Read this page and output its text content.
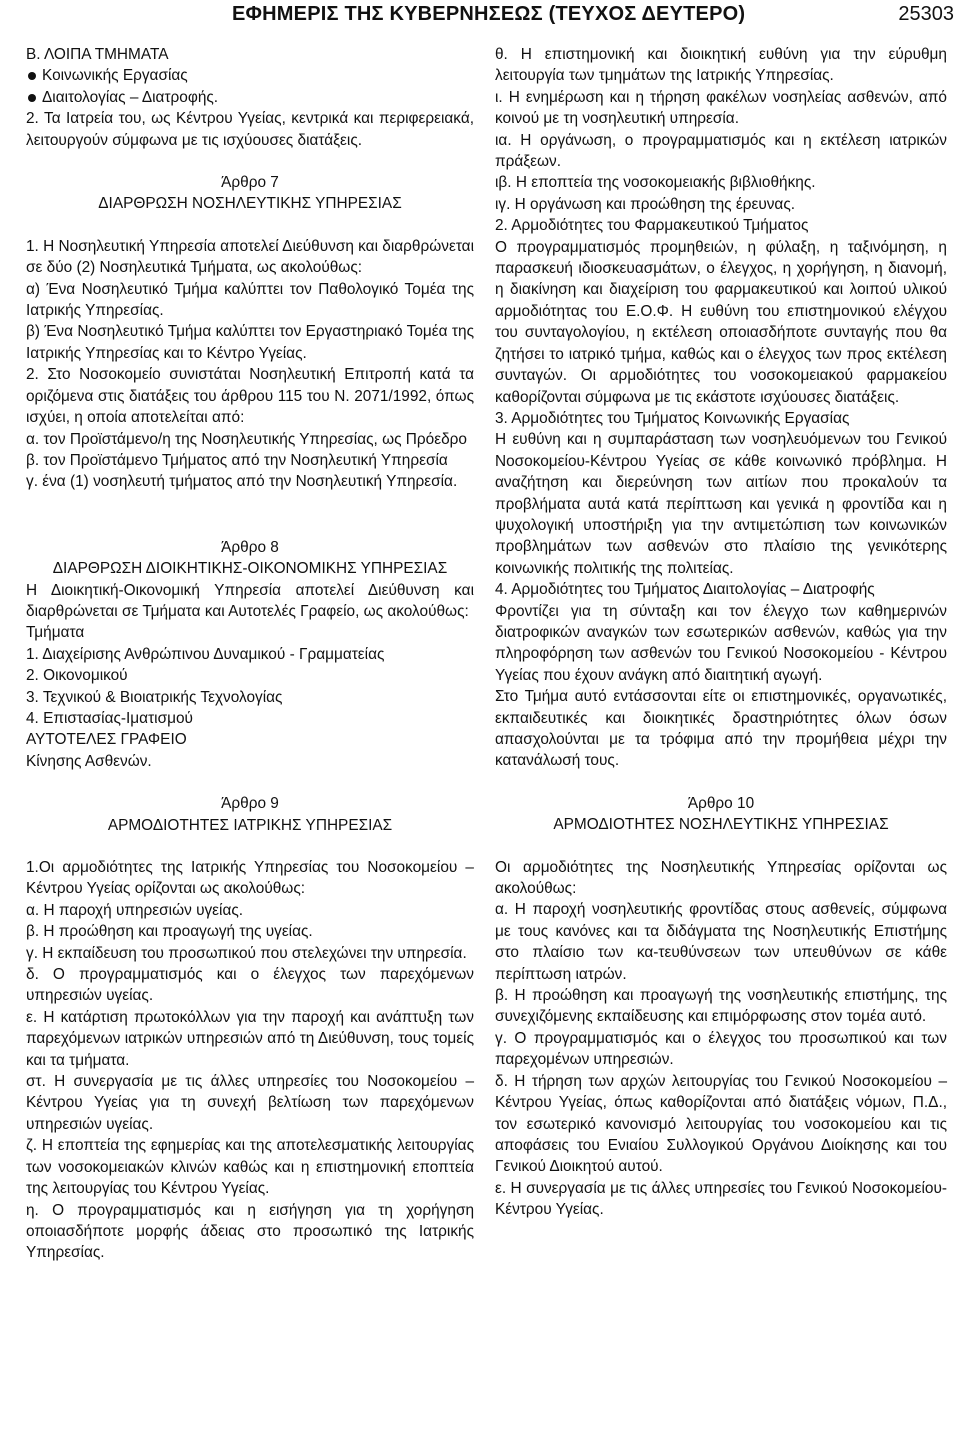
ΕΦΗΜΕΡΙΣ ΤΗΣ ΚΥΒΕΡΝΗΣΕΩΣ (ΤΕΥΧΟΣ ΔΕΥΤΕΡΟ)	25303

Β. ΛΟΙΠΑ ΤΜΗΜΑΤΑ

Κοινωνικής Εργασίας
Διαιτολογίας – Διατροφής.

2. Τα Ιατρεία του, ως Κέντρου Υγείας, κεντρικά και περιφερειακά, λειτουργούν σύμφωνα με τις ισχύουσες διατάξεις.

Άρθρο 7

ΔΙΑΡΘΡΩΣΗ ΝΟΣΗΛΕΥΤΙΚΗΣ ΥΠΗΡΕΣΙΑΣ

1. Η Νοσηλευτική Υπηρεσία αποτελεί Διεύθυνση και διαρθρώνεται σε δύο (2) Νοσηλευτικά Τμήματα, ως ακολούθως:

α) Ένα Νοσηλευτικό Τμήμα καλύπτει τον Παθολογικό Τομέα της Ιατρικής Υπηρεσίας.

β) Ένα Νοσηλευτικό Τμήμα καλύπτει τον Εργαστηριακό Τομέα της Ιατρικής Υπηρεσίας και το Κέντρο Υγείας.

2. Στο Νοσοκομείο συνιστάται Νοσηλευτική Επιτροπή κατά τα οριζόμενα στις διατάξεις του άρθρου 115 του Ν. 2071/1992, όπως ισχύει, η οποία αποτελείται από:

α. τον Προϊστάμενο/η της Νοσηλευτικής Υπηρεσίας, ως Πρόεδρο

β. τον Προϊστάμενο Τμήματος από την Νοσηλευτική Υπηρεσία

γ. ένα (1) νοσηλευτή τμήματος από την Νοσηλευτική Υπηρεσία.

Άρθρο 8

ΔΙΑΡΘΡΩΣΗ ΔΙΟΙΚΗΤΙΚΗΣ-ΟΙΚΟΝΟΜΙΚΗΣ ΥΠΗΡΕΣΙΑΣ

Η Διοικητική-Οικονομική Υπηρεσία αποτελεί Διεύθυνση και διαρθρώνεται σε Τμήματα και Αυτοτελές Γραφείο, ως ακολούθως:

Τμήματα

1. Διαχείρισης Ανθρώπινου Δυναμικού - Γραμματείας

2. Οικονομικού

3. Τεχνικού & Βιοιατρικής Τεχνολογίας

4. Επιστασίας-Ιματισμού

ΑΥΤΟΤΕΛΕΣ ΓΡΑΦΕΙΟ

Κίνησης Ασθενών.

Άρθρο 9

ΑΡΜΟΔΙΟΤΗΤΕΣ ΙΑΤΡΙΚΗΣ ΥΠΗΡΕΣΙΑΣ

1.Οι αρμοδιότητες της Ιατρικής Υπηρεσίας του Νοσοκομείου – Κέντρου Υγείας ορίζονται ως ακολούθως:

α. Η παροχή υπηρεσιών υγείας.

β. Η προώθηση και προαγωγή της υγείας.

γ. Η εκπαίδευση του προσωπικού που στελεχώνει την υπηρεσία.

δ. Ο προγραμματισμός και ο έλεγχος των παρεχόμενων υπηρεσιών υγείας.

ε. Η κατάρτιση πρωτοκόλλων για την παροχή και ανάπτυξη των παρεχόμενων ιατρικών υπηρεσιών από τη Διεύθυνση, τους τομείς και τα τμήματα.

στ. Η συνεργασία με τις άλλες υπηρεσίες του Νοσοκομείου – Κέντρου Υγείας για τη συνεχή βελτίωση των παρεχόμενων υπηρεσιών υγείας.

ζ. Η εποπτεία της εφημερίας και της αποτελεσματικής λειτουργίας των νοσοκομειακών κλινών καθώς και η επιστημονική εποπτεία της λειτουργίας του Κέντρου Υγείας.

η. Ο προγραμματισμός και η εισήγηση για τη χορήγηση οποιασδήποτε μορφής άδειας στο προσωπικό της Ιατρικής Υπηρεσίας.

θ. Η επιστημονική και διοικητική ευθύνη για την εύρυθμη λειτουργία των τμημάτων της Ιατρικής Υπηρεσίας.

ι. Η ενημέρωση και η τήρηση φακέλων νοσηλείας ασθενών, από κοινού με τη νοσηλευτική υπηρεσία.

ια. Η οργάνωση, ο προγραμματισμός και η εκτέλεση ιατρικών πράξεων.

ιβ. Η εποπτεία της νοσοκομειακής βιβλιοθήκης.

ιγ. Η οργάνωση και προώθηση της έρευνας.

2. Αρμοδιότητες του Φαρμακευτικού Τμήματος

Ο προγραμματισμός προμηθειών, η φύλαξη, η ταξινόμηση, η παρασκευή ιδιοσκευασμάτων, ο έλεγχος, η χορήγηση, η διανομή, η διακίνηση και διαχείριση του φαρμακευτικού και λοιπού υλικού αρμοδιότητας του Ε.Ο.Φ. Η ευθύνη του επιστημονικού ελέγχου του συνταγολογίου, η εκτέλεση οποιασδήποτε συνταγής που θα ζητήσει το ιατρικό τμήμα, καθώς και ο έλεγχος των προς εκτέλεση συνταγών. Οι αρμοδιότητες του νοσοκομειακού φαρμακείου καθορίζονται σύμφωνα με τις εκάστοτε ισχύουσες διατάξεις.

3. Αρμοδιότητες του Τμήματος Κοινωνικής Εργασίας

Η ευθύνη και η συμπαράσταση των νοσηλευόμενων του Γενικού Νοσοκομείου-Κέντρου Υγείας σε κάθε κοινωνικό πρόβλημα. Η αναζήτηση και διερεύνηση των αιτίων που προκαλούν τα προβλήματα αυτά κατά περίπτωση και γενικά η φροντίδα και η ψυχολογική υποστήριξη για την αντιμετώπιση των κοινωνικών προβλημάτων των ασθενών στο πλαίσιο της γενικότερης κοινωνικής πολιτικής της πολιτείας.

4. Αρμοδιότητες του Τμήματος Διαιτολογίας – Διατροφής

Φροντίζει για τη σύνταξη και τον έλεγχο των καθημερινών διατροφικών αναγκών των εσωτερικών ασθενών, καθώς για την πληροφόρηση των ασθενών του Γενικού Νοσοκομείου - Κέντρου Υγείας που έχουν ανάγκη από διαιτητική αγωγή.

Στο Τμήμα αυτό εντάσσονται είτε οι επιστημονικές, οργανωτικές, εκπαιδευτικές και διοικητικές δραστηριότητες όλων όσων απασχολούνται με τα τρόφιμα από την προμήθεια μέχρι την κατανάλωσή τους.

Άρθρο 10

ΑΡΜΟΔΙΟΤΗΤΕΣ ΝΟΣΗΛΕΥΤΙΚΗΣ ΥΠΗΡΕΣΙΑΣ

Οι αρμοδιότητες της Νοσηλευτικής Υπηρεσίας ορίζονται ως ακολούθως:

α. Η παροχή νοσηλευτικής φροντίδας στους ασθενείς, σύμφωνα με τους κανόνες και τα διδάγματα της Νοσηλευτικής Επιστήμης στο πλαίσιο των κα-τευθύνσεων των υπευθύνων σε κάθε περίπτωση ιατρών.

β. Η προώθηση και προαγωγή της νοσηλευτικής επιστήμης, της συνεχιζόμενης εκπαίδευσης και επιμόρφωσης στον τομέα αυτό.

γ. Ο προγραμματισμός και ο έλεγχος του προσωπικού και των παρεχομένων υπηρεσιών.

δ. Η τήρηση των αρχών λειτουργίας του Γενικού Νοσοκομείου – Κέντρου Υγείας, όπως καθορίζονται από διατάξεις νόμων, Π.Δ., τον εσωτερικό κανονισμό λειτουργίας του νοσοκομείου και τις αποφάσεις του Ενιαίου Συλλογικού Οργάνου Διοίκησης και του Γενικού Διοικητού αυτού.

ε. Η συνεργασία με τις άλλες υπηρεσίες του Γενικού Νοσοκομείου- Κέντρου Υγείας.
